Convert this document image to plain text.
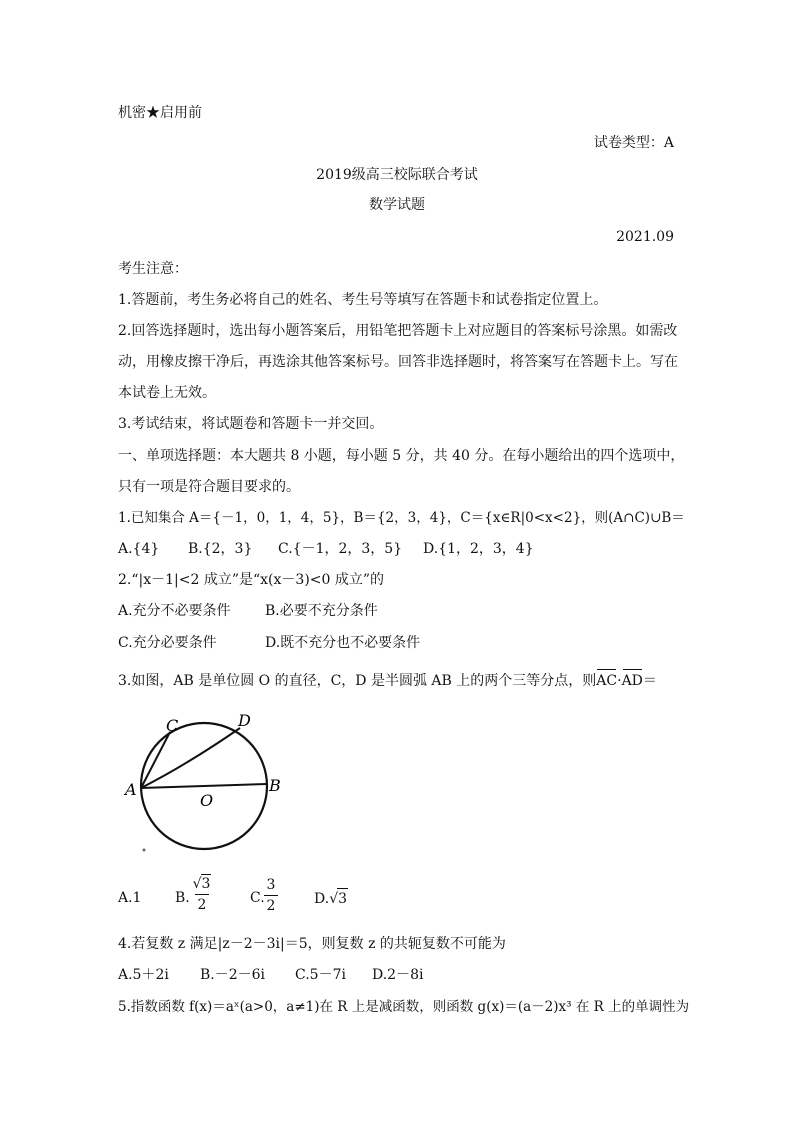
机密★启用前
试卷类型：A
2019级高三校际联合考试
数学试题
2021.09
考生注意：
1.答题前，考生务必将自己的姓名、考生号等填写在答题卡和试卷指定位置上。
2.回答选择题时，选出每小题答案后，用铅笔把答题卡上对应题目的答案标号涂黑。如需改
动，用橡皮擦干净后，再选涂其他答案标号。回答非选择题时，将答案写在答题卡上。写在
本试卷上无效。
3.考试结束，将试题卷和答题卡一并交回。
一、单项选择题：本大题共 8 小题，每小题 5 分，共 40 分。在每小题给出的四个选项中，
只有一项是符合题目要求的。
1.已知集合 A＝{－1，0，1，4，5}，B＝{2，3，4}，C＝{x∈R|0<x<2}，则(A∩C)∪B＝
A.{4} B.{2，3} C.{－1，2，3，5} D.{1，2，3，4}
2.“|x－1|<2 成立”是“x(x－3)<0 成立”的
A.充分不必要条件 B.必要不充分条件
C.充分必要条件	D.既不充分也不必要条件
3.如图，AB 是单位圆 O 的直径，C，D 是半圆弧 AB 上的两个三等分点，则
AC·
AD＝
C	D
A	B
O
A.1 B.
√3
2	C.
3
2	D.√3
4.若复数 z 满足|z－2－3i|＝5，则复数 z 的共轭复数不可能为
A.5＋2i B.－2－6i C.5－7i D.2－8i
5.指数函数 f(x)＝aˣ(a>0，a≠1)在 R 上是减函数，则函数 g(x)＝(a－2)x³ 在 R 上的单调性为
